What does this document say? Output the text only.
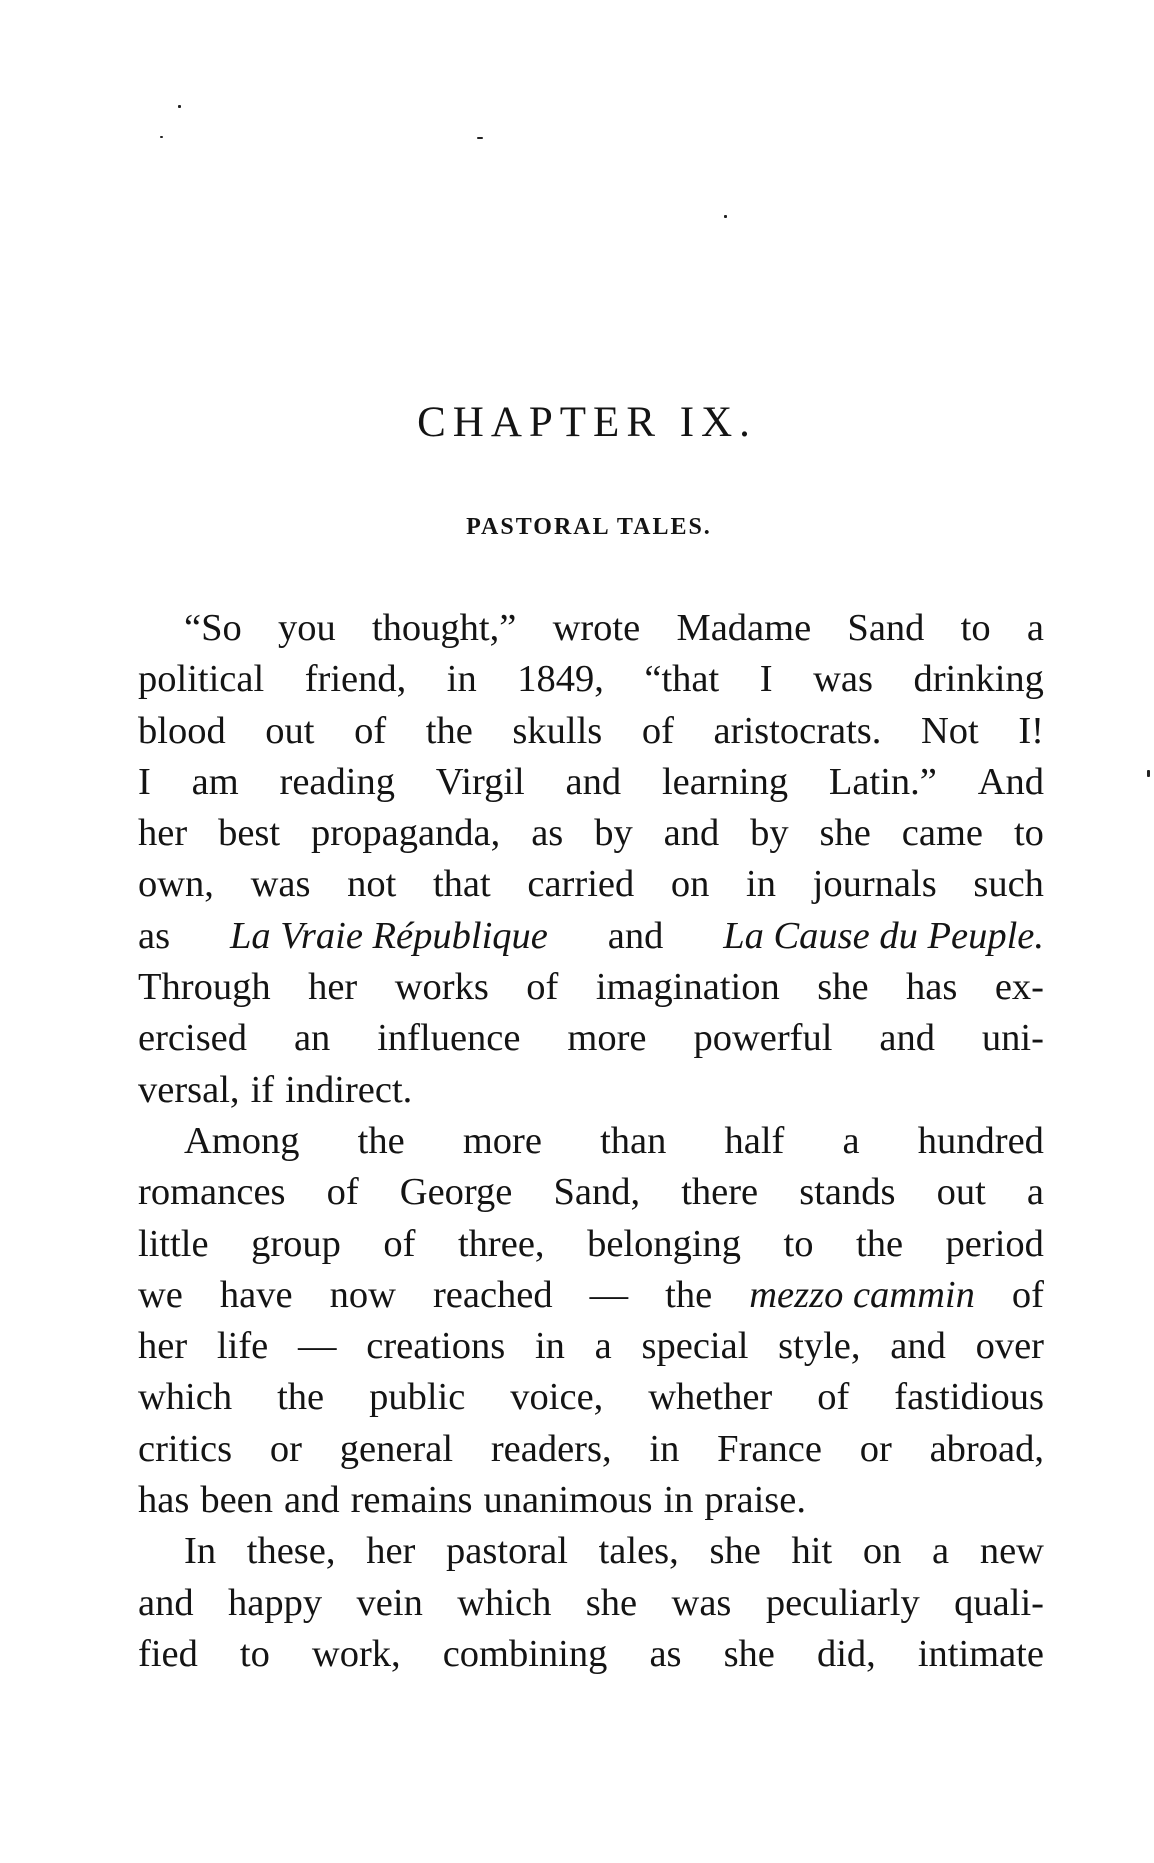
CHAPTER IX.
PASTORAL TALES.
“So you thought,” wrote Madame Sand to a
political friend, in 1849, “that I was drinking
blood out of the skulls of aristocrats. Not I!
I am reading Virgil and learning Latin.” And
her best propaganda, as by and by she came to
own, was not that carried on in journals such
as La Vraie République and La Cause du Peuple.
Through her works of imagination she has ex-
ercised an influence more powerful and uni-
versal, if indirect.
Among the more than half a hundred
romances of George Sand, there stands out a
little group of three, belonging to the period
we have now reached — the mezzo cammin of
her life — creations in a special style, and over
which the public voice, whether of fastidious
critics or general readers, in France or abroad,
has been and remains unanimous in praise.
In these, her pastoral tales, she hit on a new
and happy vein which she was peculiarly quali-
fied to work, combining as she did, intimate
